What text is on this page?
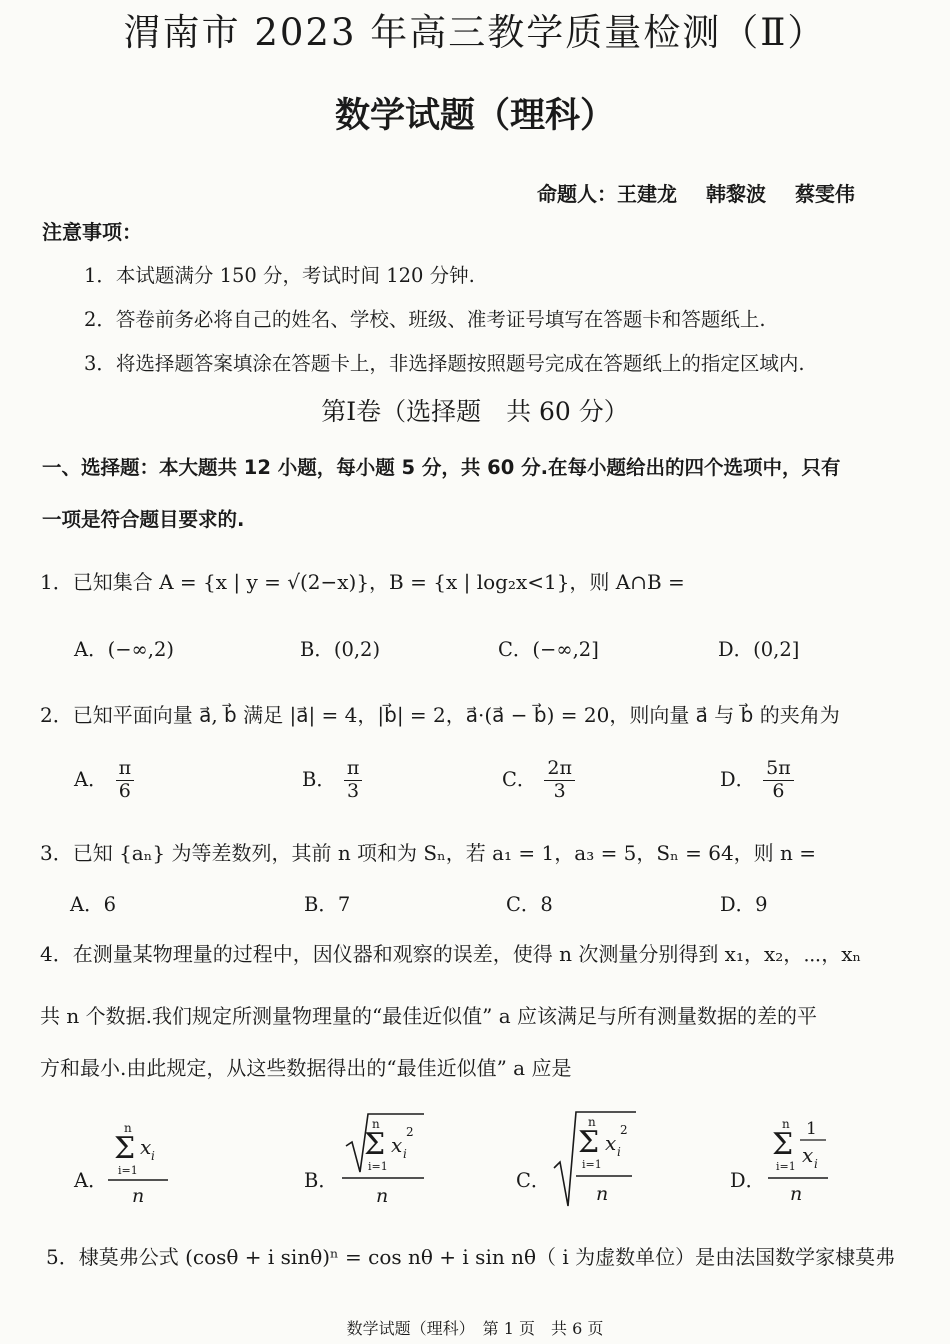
渭南市 2023 年高三教学质量检测（Ⅱ）
数学试题（理科）
命题人：王建龙 韩黎波 蔡雯伟
注意事项：
1．本试题满分 150 分，考试时间 120 分钟.
2．答卷前务必将自己的姓名、学校、班级、准考证号填写在答题卡和答题纸上.
3．将选择题答案填涂在答题卡上，非选择题按照题号完成在答题纸上的指定区域内.
第Ⅰ卷（选择题　共 60 分）
一、选择题：本大题共 12 小题，每小题 5 分，共 60 分.在每小题给出的四个选项中，只有
一项是符合题目要求的.
1．已知集合 A = {x | y = √(2−x)}，B = {x | log₂x<1}，则 A∩B =
A．(−∞,2)	B．(0,2)	C．(−∞,2]	D．(0,2]
2．已知平面向量 a⃗, b⃗ 满足 |a⃗| = 4，|b⃗| = 2，a⃗·(a⃗ − b⃗) = 20，则向量 a⃗ 与 b⃗ 的夹角为
A． $\frac{\pi}{6}$	B． $\frac{\pi}{3}$	C． $\frac{2\pi}{3}$	D． $\frac{5\pi}{6}$
3．已知 {aₙ} 为等差数列，其前 n 项和为 Sₙ，若 a₁ = 1，a₃ = 5，Sₙ = 64，则 n =
A．6	B．7	C．8	D．9
4．在测量某物理量的过程中，因仪器和观察的误差，使得 n 次测量分别得到 x₁，x₂，⋯，xₙ
共 n 个数据.我们规定所测量物理量的“最佳近似值” a 应该满足与所有测量数据的差的平
方和最小.由此规定，从这些数据得出的“最佳近似值” a 应是
A．
n
Σ x i
i=1
n
B．
n
Σ x i
2
i=1
n
C．
n
Σ x i
2
i=1
n
D．
n
Σ 1
x i
i=1
n
5．棣莫弗公式 (cosθ + i sinθ)ⁿ = cos nθ + i sin nθ（ i 为虚数单位）是由法国数学家棣莫弗
数学试题（理科）　第 1 页　共 6 页
